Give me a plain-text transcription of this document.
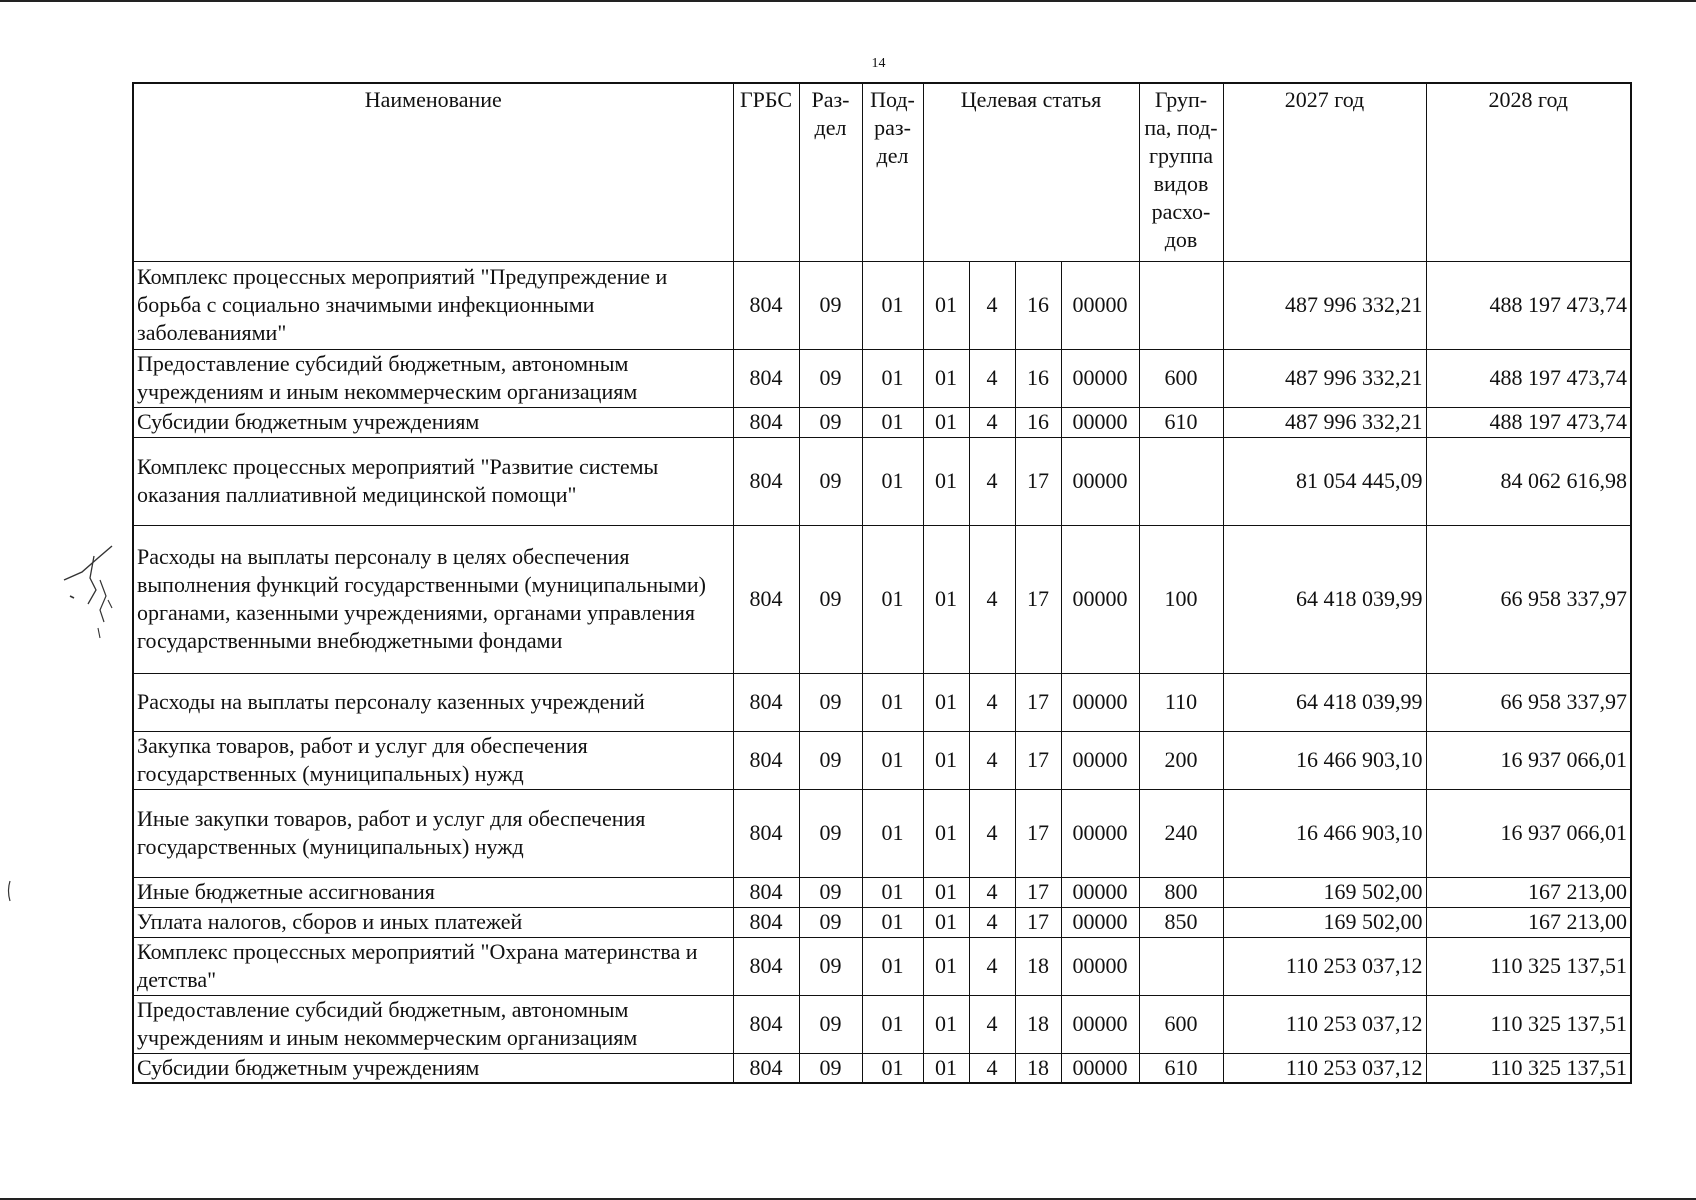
14
Наименование	ГРБС	Раз-дел	Под-раз-дел	Целевая статья				Груп-па, под-группа видов расхо-дов	2027 год	2028 год
Комплекс процессных мероприятий "Предупреждение и борьба с социально значимыми инфекционными заболеваниями"	804	09	01	01	4	16	00000		487 996 332,21	488 197 473,74
Предоставление субсидий бюджетным, автономным учреждениям и иным некоммерческим организациям	804	09	01	01	4	16	00000	600	487 996 332,21	488 197 473,74
Субсидии бюджетным учреждениям	804	09	01	01	4	16	00000	610	487 996 332,21	488 197 473,74
Комплекс процессных мероприятий "Развитие системы оказания паллиативной медицинской помощи"	804	09	01	01	4	17	00000		81 054 445,09	84 062 616,98
Расходы на выплаты персоналу в целях обеспечения выполнения функций государственными (муниципальными) органами, казенными учреждениями, органами управления государственными внебюджетными фондами	804	09	01	01	4	17	00000	100	64 418 039,99	66 958 337,97
Расходы на выплаты персоналу казенных учреждений	804	09	01	01	4	17	00000	110	64 418 039,99	66 958 337,97
Закупка товаров, работ и услуг для обеспечения государственных (муниципальных) нужд	804	09	01	01	4	17	00000	200	16 466 903,10	16 937 066,01
Иные закупки товаров, работ и услуг для обеспечения государственных (муниципальных) нужд	804	09	01	01	4	17	00000	240	16 466 903,10	16 937 066,01
Иные бюджетные ассигнования	804	09	01	01	4	17	00000	800	169 502,00	167 213,00
Уплата налогов, сборов и иных платежей	804	09	01	01	4	17	00000	850	169 502,00	167 213,00
Комплекс процессных мероприятий "Охрана материнства и детства"	804	09	01	01	4	18	00000		110 253 037,12	110 325 137,51
Предоставление субсидий бюджетным, автономным учреждениям и иным некоммерческим организациям	804	09	01	01	4	18	00000	600	110 253 037,12	110 325 137,51
Субсидии бюджетным учреждениям	804	09	01	01	4	18	00000	610	110 253 037,12	110 325 137,51
